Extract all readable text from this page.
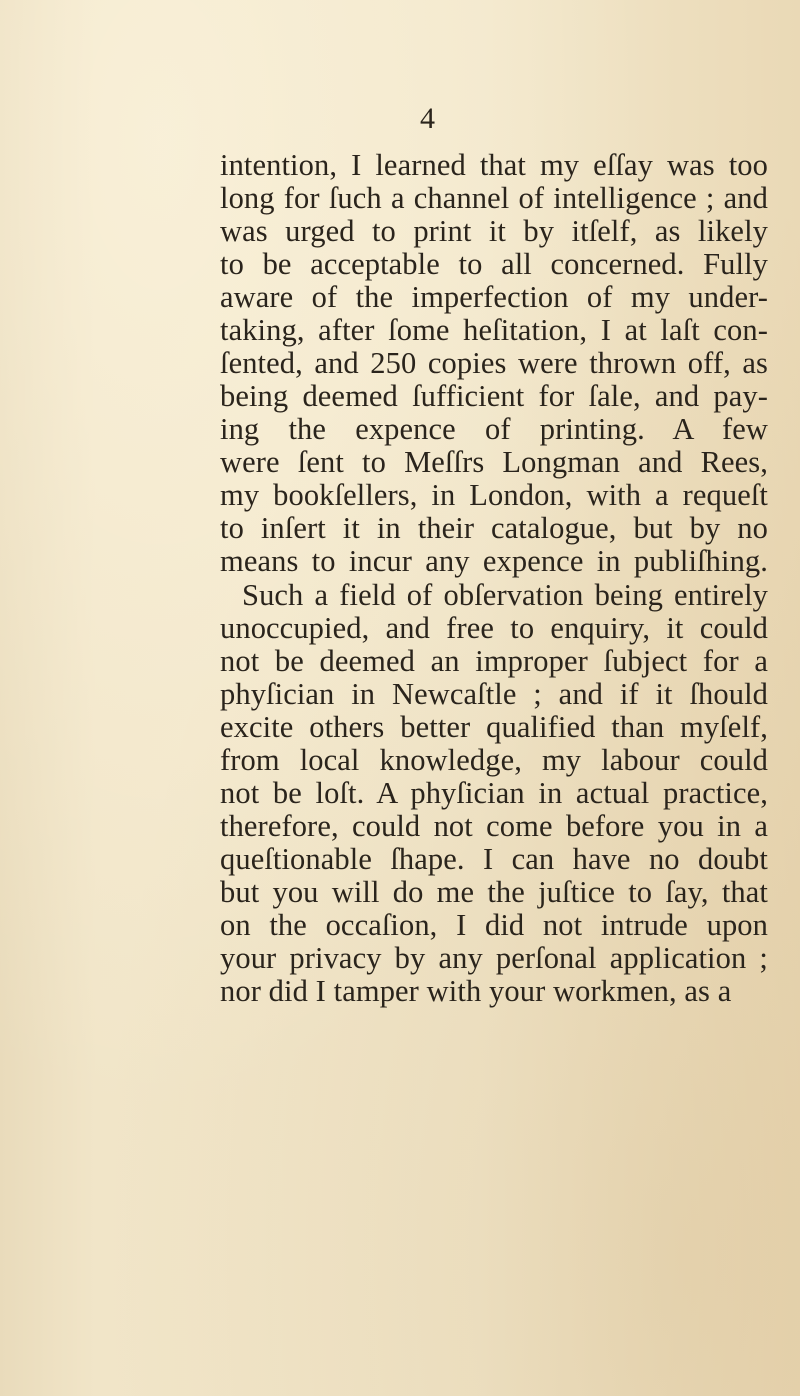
4
intention, I learned that my eſſay was too
long for ſuch a channel of intelligence ; and
was urged to print it by itſelf, as likely
to be acceptable to all concerned. Fully
aware of the imperfection of my under-
taking, after ſome heſitation, I at laſt con-
ſented, and 250 copies were thrown off, as
being deemed ſufficient for ſale, and pay-
ing the expence of printing. A few
were ſent to Meſſrs Longman and Rees,
my bookſellers, in London, with a requeſt
to inſert it in their catalogue, but by no
means to incur any expence in publiſhing.
Such a field of obſervation being entirely
unoccupied, and free to enquiry, it could
not be deemed an improper ſubject for a
phyſician in Newcaſtle ; and if it ſhould
excite others better qualified than myſelf,
from local knowledge, my labour could
not be loſt. A phyſician in actual practice,
therefore, could not come before you in a
queſtionable ſhape. I can have no doubt
but you will do me the juſtice to ſay, that
on the occaſion, I did not intrude upon
your privacy by any perſonal application ;
nor did I tamper with your workmen, as a
